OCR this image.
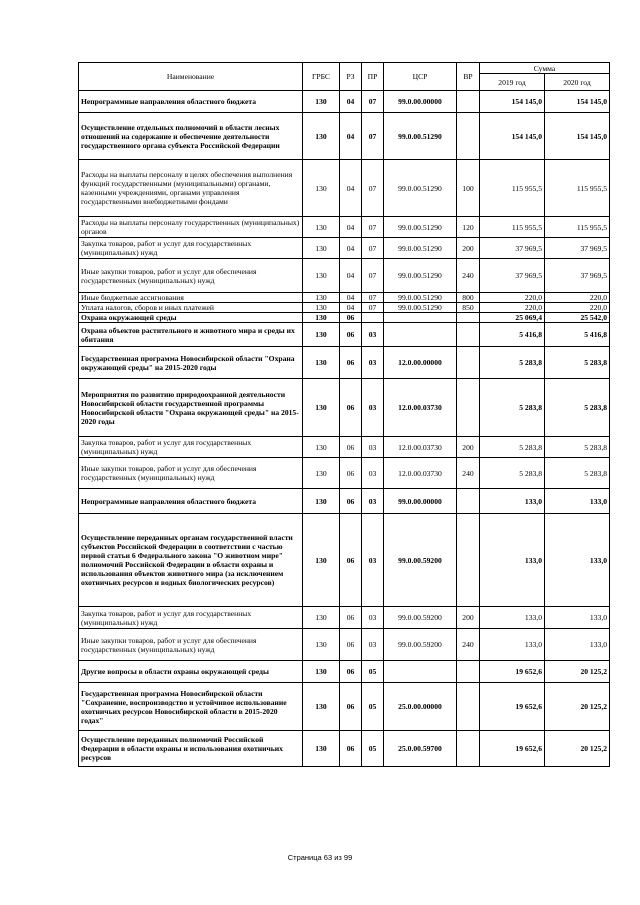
Наименование	ГРБС	РЗ	ПР	ЦСР	ВР	Сумма	
						2019 год	2020 год
Непрограммные направления областного бюджета	130	04	07	99.0.00.00000		154 145,0	154 145,0
Осуществление отдельных полномочий в области лесных отношений на содержание и обеспечение деятельности государственного органа субъекта Российской Федерации	130	04	07	99.0.00.51290		154 145,0	154 145,0
Расходы на выплаты персоналу в целях обеспечения выполнения функций государственными (муниципальными) органами, казенными учреждениями, органами управления государственными внебюджетными фондами	130	04	07	99.0.00.51290	100	115 955,5	115 955,5
Расходы на выплаты персоналу государственных (муниципальных) органов	130	04	07	99.0.00.51290	120	115 955,5	115 955,5
Закупка товаров, работ и услуг для государственных (муниципальных) нужд	130	04	07	99.0.00.51290	200	37 969,5	37 969,5
Иные закупки товаров, работ и услуг для обеспечения государственных (муниципальных) нужд	130	04	07	99.0.00.51290	240	37 969,5	37 969,5
Иные бюджетные ассигнования	130	04	07	99.0.00.51290	800	220,0	220,0
Уплата налогов, сборов и иных платежей	130	04	07	99.0.00.51290	850	220,0	220,0
Охрана окружающей среды	130	06				25 069,4	25 542,0
Охрана объектов растительного и животного мира и среды их обитания	130	06	03			5 416,8	5 416,8
Государственная программа Новосибирской области "Охрана окружающей среды" на 2015-2020 годы	130	06	03	12.0.00.00000		5 283,8	5 283,8
Мероприятия по развитию природоохранной деятельности Новосибирской области государственной программы Новосибирской области "Охрана окружающей среды" на 2015-2020 годы	130	06	03	12.0.00.03730		5 283,8	5 283,8
Закупка товаров, работ и услуг для государственных (муниципальных) нужд	130	06	03	12.0.00.03730	200	5 283,8	5 283,8
Иные закупки товаров, работ и услуг для обеспечения государственных (муниципальных) нужд	130	06	03	12.0.00.03730	240	5 283,8	5 283,8
Непрограммные направления областного бюджета	130	06	03	99.0.00.00000		133,0	133,0
Осуществление переданных органам государственной власти субъектов Российской Федерации в соответствии с частью первой статьи 6 Федерального закона "О животном мире" полномочий Российской Федерации в области охраны и использования объектов животного мира (за исключением охотничьих ресурсов и водных биологических ресурсов)	130	06	03	99.0.00.59200		133,0	133,0
Закупка товаров, работ и услуг для государственных (муниципальных) нужд	130	06	03	99.0.00.59200	200	133,0	133,0
Иные закупки товаров, работ и услуг для обеспечения государственных (муниципальных) нужд	130	06	03	99.0.00.59200	240	133,0	133,0
Другие вопросы в области охраны окружающей среды	130	06	05			19 652,6	20 125,2
Государственная программа Новосибирской области "Сохранение, воспроизводство и устойчивое использование охотничьих ресурсов Новосибирской области в 2015-2020 годах"	130	06	05	25.0.00.00000		19 652,6	20 125,2
Осуществление переданных полномочий Российской Федерации в области охраны и использования охотничьих ресурсов	130	06	05	25.0.00.59700		19 652,6	20 125,2
Страница 63 из 99
